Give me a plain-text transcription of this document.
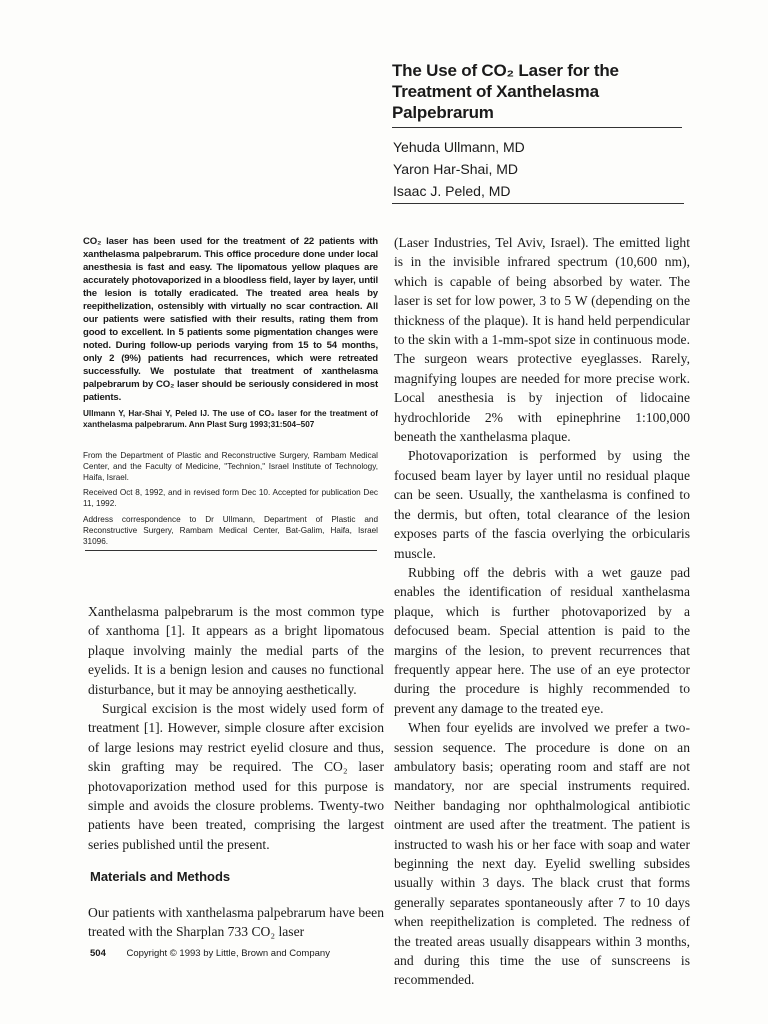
The Use of CO₂ Laser for the Treatment of Xanthelasma Palpebrarum
Yehuda Ullmann, MD
Yaron Har-Shai, MD
Isaac J. Peled, MD
CO₂ laser has been used for the treatment of 22 patients with xanthelasma palpebrarum. This office procedure done under local anesthesia is fast and easy. The lipomatous yellow plaques are accurately photovaporized in a bloodless field, layer by layer, until the lesion is totally eradicated. The treated area heals by reepithelization, ostensibly with virtually no scar contraction. All our patients were satisfied with their results, rating them from good to excellent. In 5 patients some pigmentation changes were noted. During follow-up periods varying from 15 to 54 months, only 2 (9%) patients had recurrences, which were retreated successfully. We postulate that treatment of xanthelasma palpebrarum by CO₂ laser should be seriously considered in most patients.
Ullmann Y, Har-Shai Y, Peled IJ. The use of CO₂ laser for the treatment of xanthelasma palpebrarum. Ann Plast Surg 1993;31:504–507
From the Department of Plastic and Reconstructive Surgery, Rambam Medical Center, and the Faculty of Medicine, "Technion," Israel Institute of Technology, Haifa, Israel.
Received Oct 8, 1992, and in revised form Dec 10. Accepted for publication Dec 11, 1992.
Address correspondence to Dr Ullmann, Department of Plastic and Reconstructive Surgery, Rambam Medical Center, Bat-Galim, Haifa, Israel 31096.

Xanthelasma palpebrarum is the most common type of xanthoma [1]. It appears as a bright lipomatous plaque involving mainly the medial parts of the eyelids. It is a benign lesion and causes no functional disturbance, but it may be annoying aesthetically.

Surgical excision is the most widely used form of treatment [1]. However, simple closure after excision of large lesions may restrict eyelid closure and thus, skin grafting may be required. The CO₂ laser photovaporization method used for this purpose is simple and avoids the closure problems. Twenty-two patients have been treated, comprising the largest series published until the present.

Materials and Methods

Our patients with xanthelasma palpebrarum have been treated with the Sharplan 733 CO₂ laser

(Laser Industries, Tel Aviv, Israel). The emitted light is in the invisible infrared spectrum (10,600 nm), which is capable of being absorbed by water. The laser is set for low power, 3 to 5 W (depending on the thickness of the plaque). It is hand held perpendicular to the skin with a 1-mm-spot size in continuous mode. The surgeon wears protective eyeglasses. Rarely, magnifying loupes are needed for more precise work. Local anesthesia is by injection of lidocaine hydrochloride 2% with epinephrine 1:100,000 beneath the xanthelasma plaque.

Photovaporization is performed by using the focused beam layer by layer until no residual plaque can be seen. Usually, the xanthelasma is confined to the dermis, but often, total clearance of the lesion exposes parts of the fascia overlying the orbicularis muscle.

Rubbing off the debris with a wet gauze pad enables the identification of residual xanthelasma plaque, which is further photovaporized by a defocused beam. Special attention is paid to the margins of the lesion, to prevent recurrences that frequently appear here. The use of an eye protector during the procedure is highly recommended to prevent any damage to the treated eye.

When four eyelids are involved we prefer a two-session sequence. The procedure is done on an ambulatory basis; operating room and staff are not mandatory, nor are special instruments required. Neither bandaging nor ophthalmological antibiotic ointment are used after the treatment. The patient is instructed to wash his or her face with soap and water beginning the next day. Eyelid swelling subsides usually within 3 days. The black crust that forms generally separates spontaneously after 7 to 10 days when reepithelization is completed. The redness of the treated areas usually disappears within 3 months, and during this time the use of sunscreens is recommended.

504 Copyright © 1993 by Little, Brown and Company
